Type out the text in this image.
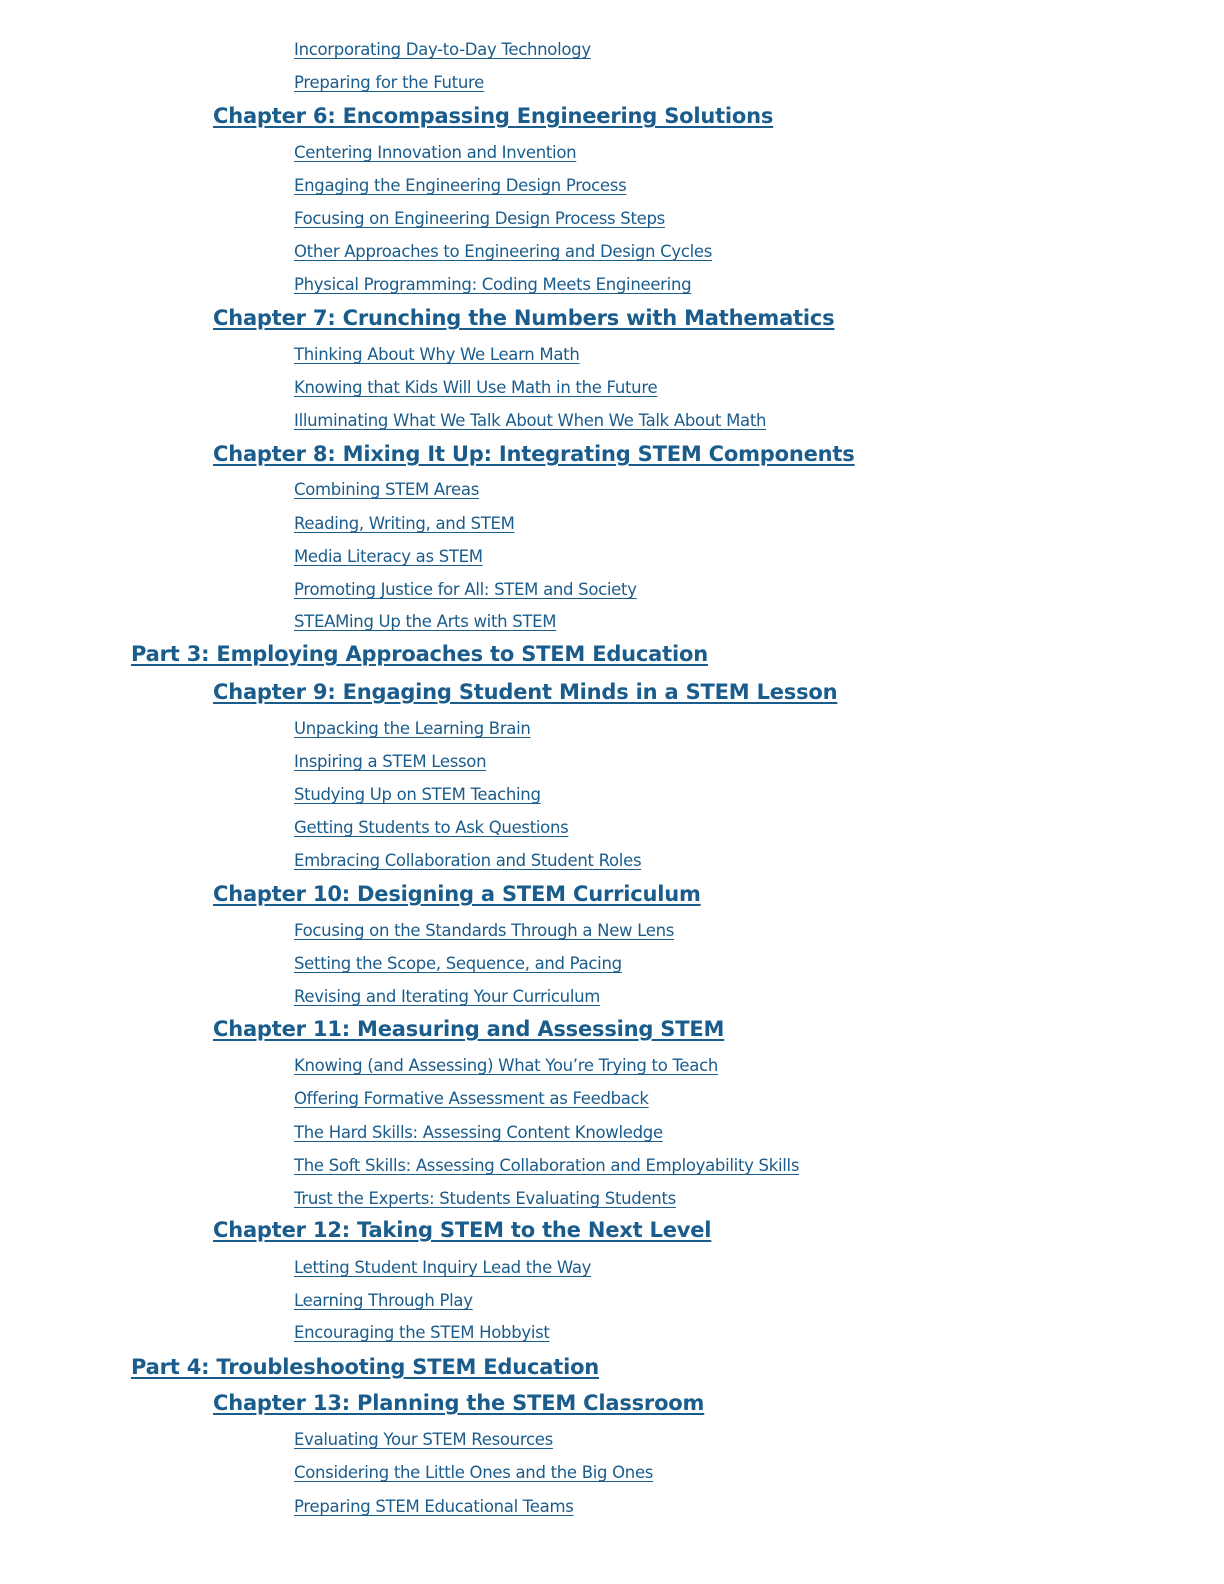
Incorporating Day-to-Day Technology
Preparing for the Future
Chapter 6: Encompassing Engineering Solutions
Centering Innovation and Invention
Engaging the Engineering Design Process
Focusing on Engineering Design Process Steps
Other Approaches to Engineering and Design Cycles
Physical Programming: Coding Meets Engineering
Chapter 7: Crunching the Numbers with Mathematics
Thinking About Why We Learn Math
Knowing that Kids Will Use Math in the Future
Illuminating What We Talk About When We Talk About Math
Chapter 8: Mixing It Up: Integrating STEM Components
Combining STEM Areas
Reading, Writing, and STEM
Media Literacy as STEM
Promoting Justice for All: STEM and Society
STEAMing Up the Arts with STEM
Part 3: Employing Approaches to STEM Education
Chapter 9: Engaging Student Minds in a STEM Lesson
Unpacking the Learning Brain
Inspiring a STEM Lesson
Studying Up on STEM Teaching
Getting Students to Ask Questions
Embracing Collaboration and Student Roles
Chapter 10: Designing a STEM Curriculum
Focusing on the Standards Through a New Lens
Setting the Scope, Sequence, and Pacing
Revising and Iterating Your Curriculum
Chapter 11: Measuring and Assessing STEM
Knowing (and Assessing) What You’re Trying to Teach
Offering Formative Assessment as Feedback
The Hard Skills: Assessing Content Knowledge
The Soft Skills: Assessing Collaboration and Employability Skills
Trust the Experts: Students Evaluating Students
Chapter 12: Taking STEM to the Next Level
Letting Student Inquiry Lead the Way
Learning Through Play
Encouraging the STEM Hobbyist
Part 4: Troubleshooting STEM Education
Chapter 13: Planning the STEM Classroom
Evaluating Your STEM Resources
Considering the Little Ones and the Big Ones
Preparing STEM Educational Teams
